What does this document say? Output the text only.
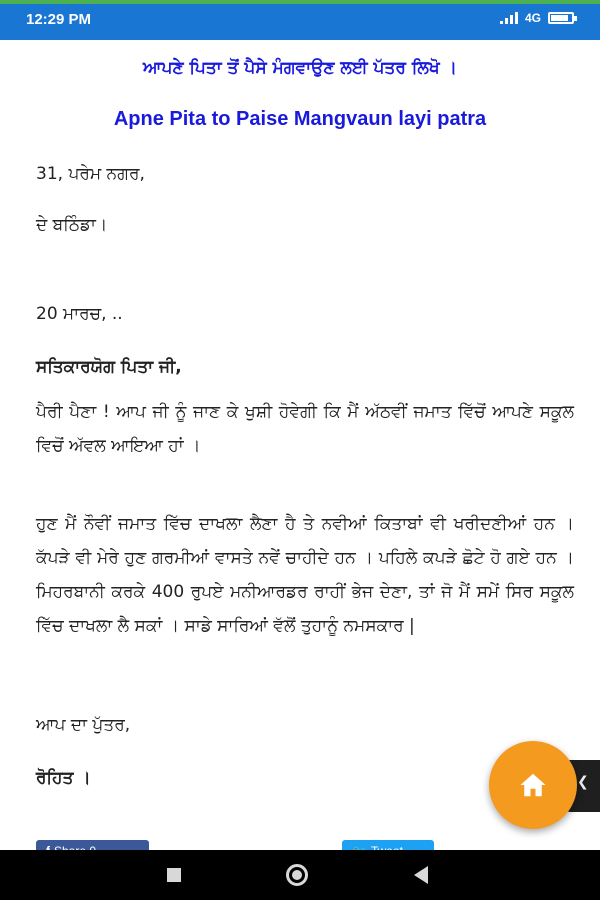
12:29 PM	4G
ਆਪਣੇ ਪਿਤਾ ਤੋਂ ਪੈਸੇ ਮੰਗਵਾਉਣ ਲਈ ਪੱਤਰ ਲਿਖੋ ।
Apne Pita to Paise Mangvaun layi patra
31, ਪਰੇਮ ਨਗਰ,
ਦੇ ਬਠਿੰਡਾ।
20 ਮਾਰਚ, ..
ਸਤਿਕਾਰਯੋਗ ਪਿਤਾ ਜੀ,
ਪੈਰੀ ਪੈਣਾ ! ਆਪ ਜੀ ਨੂੰ ਜਾਣ ਕੇ ਖੁਸ਼ੀ ਹੋਵੇਗੀ ਕਿ ਮੈਂ ਅੱਠਵੀਂ ਜਮਾਤ ਵਿੱਚੋਂ ਆਪਣੇ ਸਕੂਲ ਵਿਚੋਂ ਅੱਵਲ ਆਇਆ ਹਾਂ ।
ਹੁਣ ਮੈਂ ਨੌਵੀਂ ਜਮਾਤ ਵਿੱਚ ਦਾਖਲਾ ਲੈਣਾ ਹੈ ਤੇ ਨਵੀਆਂ ਕਿਤਾਬਾਂ ਵੀ ਖਰੀਦਣੀਆਂ ਹਨ । ਕੱਪੜੇ ਵੀ ਮੇਰੇ ਹੁਣ ਗਰਮੀਆਂ ਵਾਸਤੇ ਨਵੇਂ ਚਾਹੀਦੇ ਹਨ । ਪਹਿਲੇ ਕਪੜੇ ਛੋਟੇ ਹੋ ਗਏ ਹਨ । ਮਿਹਰਬਾਨੀ ਕਰਕੇ 400 ਰੁਪਏ ਮਨੀਆਰਡਰ ਰਾਹੀਂ ਭੇਜ ਦੇਣਾ, ਤਾਂ ਜੋ ਮੈਂ ਸਮੇਂ ਸਿਰ ਸਕੂਲ ਵਿੱਚ ਦਾਖਲਾ ਲੈ ਸਕਾਂ । ਸਾਡੇ ਸਾਰਿਆਂ ਵੱਲੋਂ ਤੁਹਾਨੂੰ ਨਮਸਕਾਰ |
ਆਪ ਦਾ ਪੁੱਤਰ,
ਰੋਹਿਤ ।	❮
